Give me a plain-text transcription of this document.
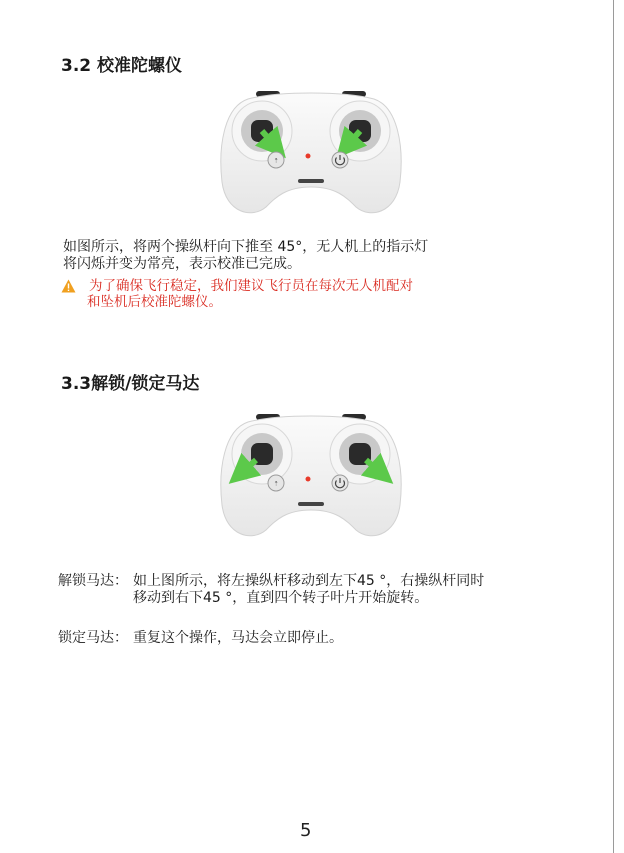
3.2 校准陀螺仪
⇡
如图所示，将两个操纵杆向下推至 45°，无人机上的指示灯
将闪烁并变为常亮，表示校准已完成。
为了确保飞行稳定，我们建议飞行员在每次无人机配对
和坠机后校准陀螺仪。
3.3解锁/锁定马达
⇡
解锁马达： 如上图所示，将左操纵杆移动到左下45 °，右操纵杆同时
移动到右下45 °，直到四个转子叶片开始旋转。
锁定马达： 重复这个操作，马达会立即停止。
5
